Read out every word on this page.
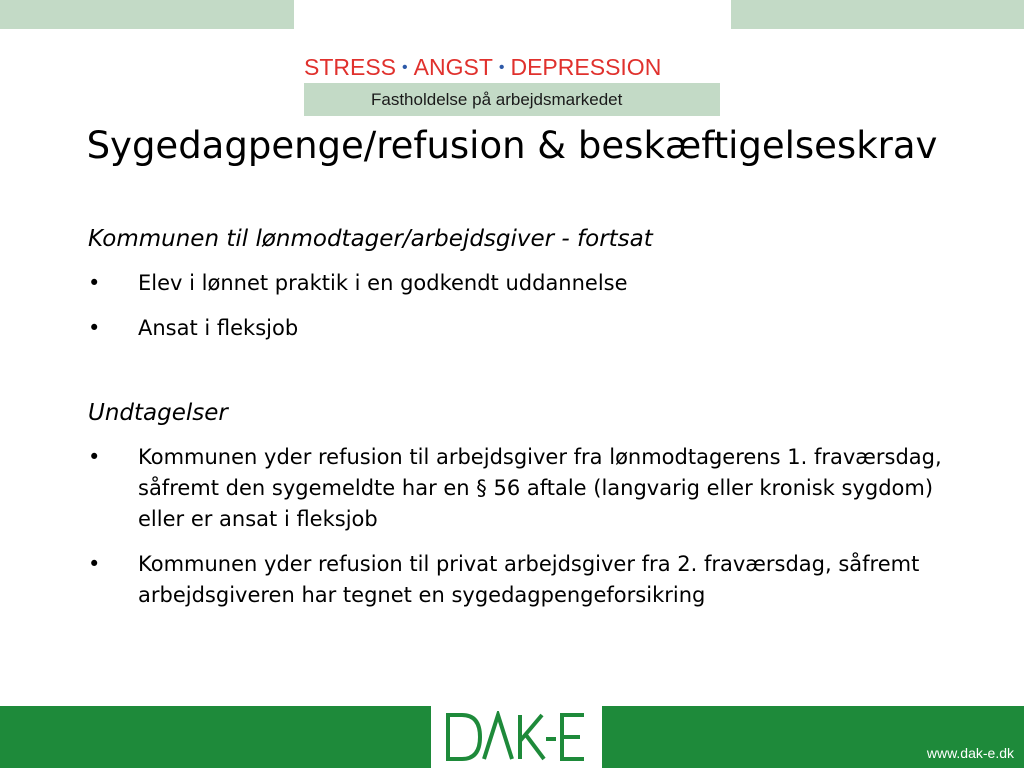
STRESS • ANGST • DEPRESSION
Fastholdelse på arbejdsmarkedet
Sygedagpenge/refusion & beskæftigelseskrav
Kommunen til lønmodtager/arbejdsgiver - fortsat
• Elev i lønnet praktik i en godkendt uddannelse
• Ansat i fleksjob
Undtagelser
• Kommunen yder refusion til arbejdsgiver fra lønmodtagerens 1. fraværsdag, såfremt den sygemeldte har en § 56 aftale (langvarig eller kronisk sygdom) eller er ansat i fleksjob
• Kommunen yder refusion til privat arbejdsgiver fra 2. fraværsdag, såfremt arbejdsgiveren har tegnet en sygedagpengeforsikring
www.dak-e.dk
